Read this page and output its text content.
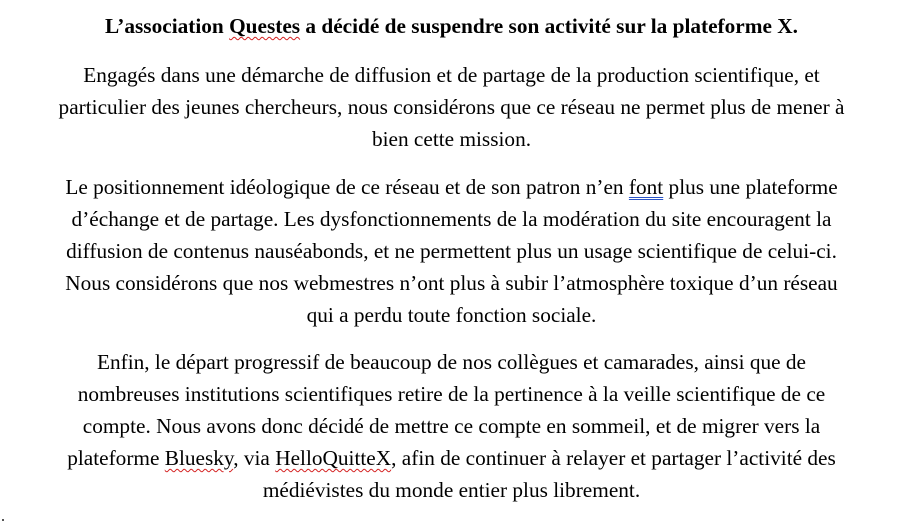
L’association Questes a décidé de suspendre son activité sur la plateforme X.
Engagés dans une démarche de diffusion et de partage de la production scientifique, et
particulier des jeunes chercheurs, nous considérons que ce réseau ne permet plus de mener à
bien cette mission.
Le positionnement idéologique de ce réseau et de son patron n’en font plus une plateforme
d’échange et de partage. Les dysfonctionnements de la modération du site encouragent la
diffusion de contenus nauséabonds, et ne permettent plus un usage scientifique de celui-ci.
Nous considérons que nos webmestres n’ont plus à subir l’atmosphère toxique d’un réseau
qui a perdu toute fonction sociale.
Enfin, le départ progressif de beaucoup de nos collègues et camarades, ainsi que de
nombreuses institutions scientifiques retire de la pertinence à la veille scientifique de ce
compte. Nous avons donc décidé de mettre ce compte en sommeil, et de migrer vers la
plateforme Bluesky, via HelloQuitteX, afin de continuer à relayer et partager l’activité des
médiévistes du monde entier plus librement.
